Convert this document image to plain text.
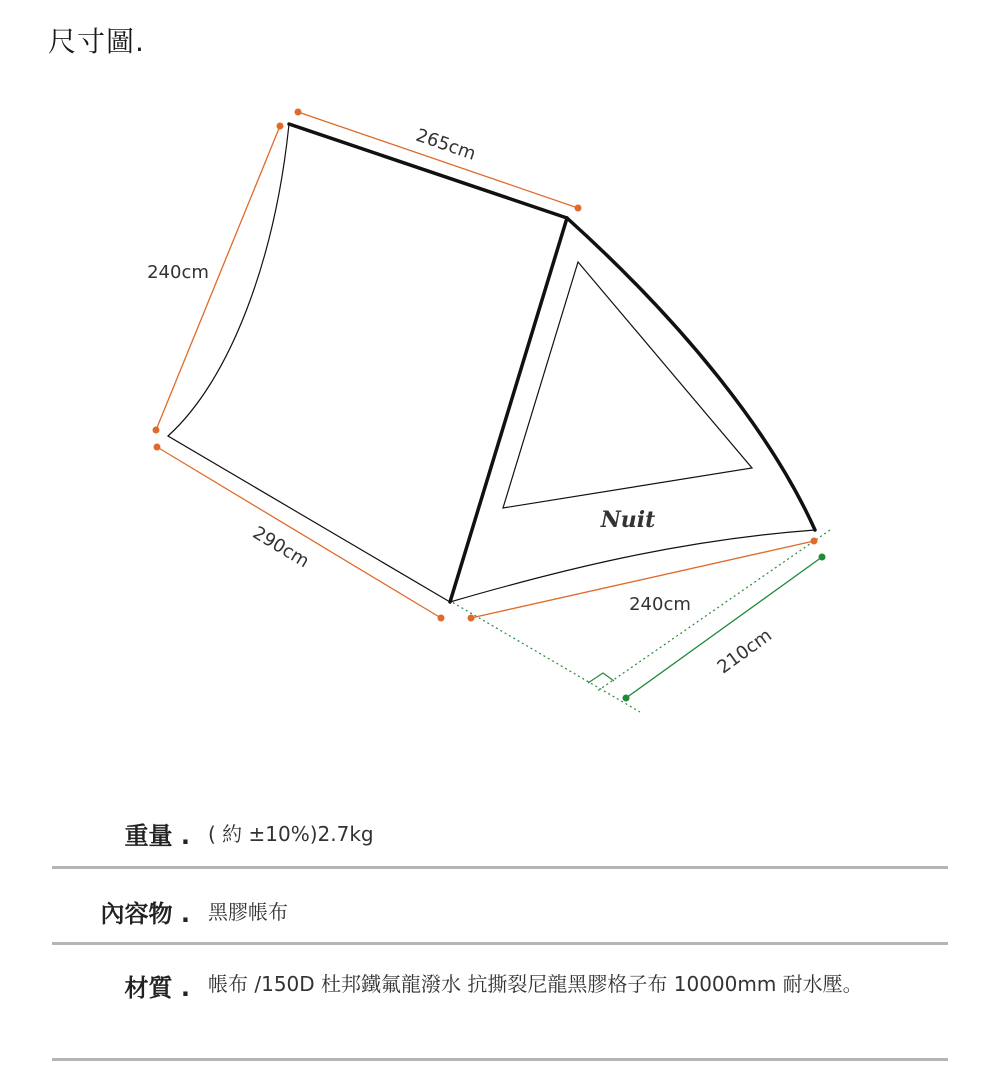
尺寸圖.
265cm
240cm
290cm
240cm
210cm
Nuit
重量 . ( 約 ±10%)2.7kg
內容物 . 黑膠帳布
材質 . 帳布 /150D 杜邦鐵氟龍潑水 抗撕裂尼龍黑膠格子布 10000mm 耐水壓。
